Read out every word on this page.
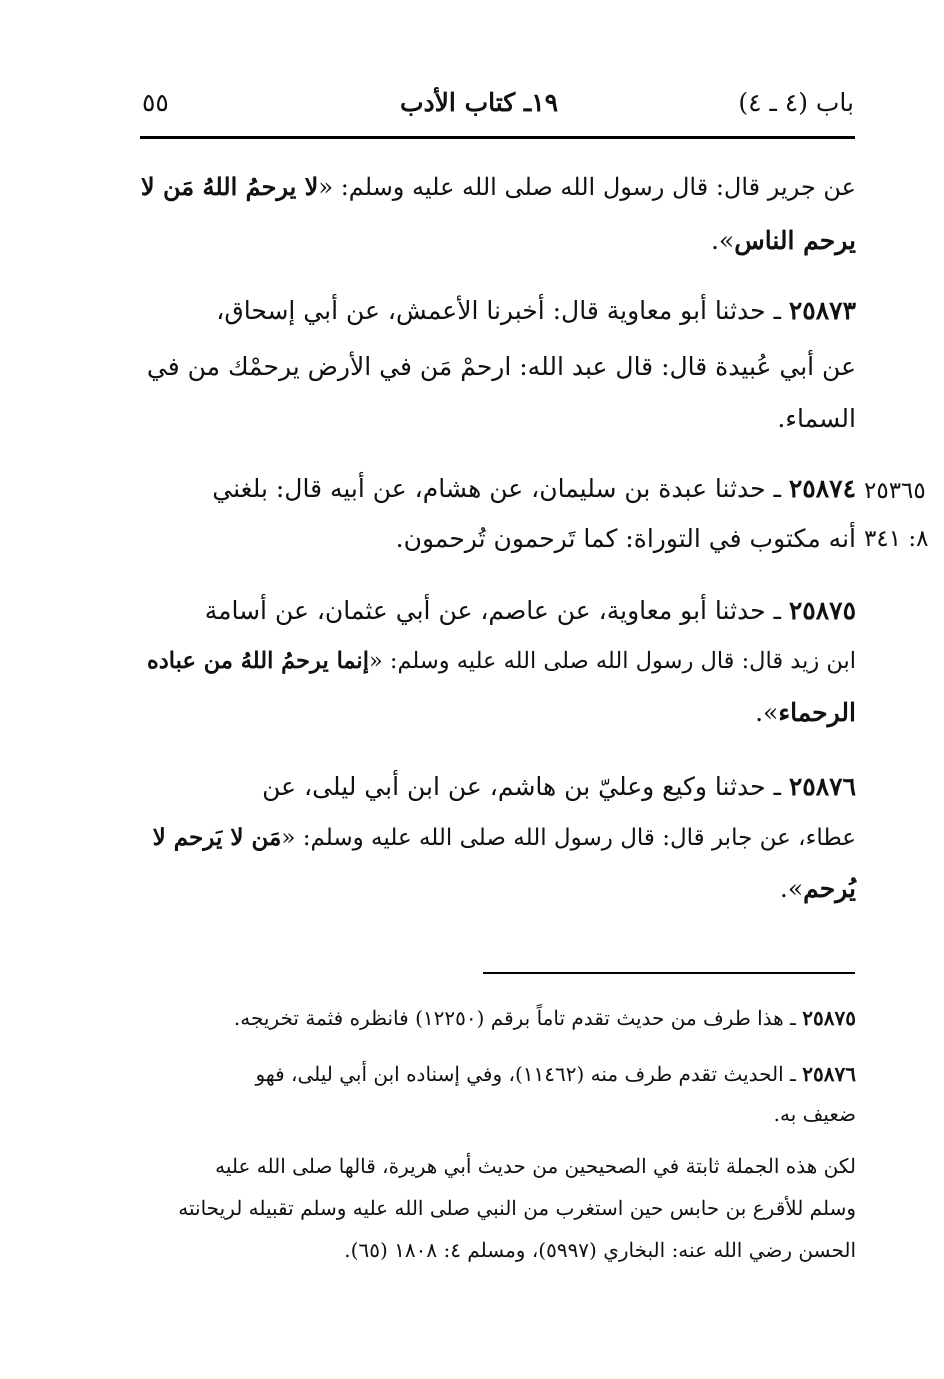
باب (٤ ـ ٤)
١٩ـ كتاب الأدب
٥٥
عن جرير قال: قال رسول الله صلى الله عليه وسلم: «لا يرحمُ اللهُ مَن لا
يرحم الناس».
٢٥٨٧٣ ـ حدثنا أبو معاوية قال: أخبرنا الأعمش، عن أبي إسحاق،
عن أبي عُبيدة قال: قال عبد الله: ارحمْ مَن في الأرض يرحمْك من في
السماء.
٢٥٣٦٥
٨: ٣٤١
٢٥٨٧٤ ـ حدثنا عبدة بن سليمان، عن هشام، عن أبيه قال: بلغني
أنه مكتوب في التوراة: كما تَرحمون تُرحمون.
٢٥٨٧٥ ـ حدثنا أبو معاوية، عن عاصم، عن أبي عثمان، عن أسامة
ابن زيد قال: قال رسول الله صلى الله عليه وسلم: «إنما يرحمُ اللهُ من عباده
الرحماء».
٢٥٨٧٦ ـ حدثنا وكيع وعليّ بن هاشم، عن ابن أبي ليلى، عن
عطاء، عن جابر قال: قال رسول الله صلى الله عليه وسلم: «مَن لا يَرحم لا
يُرحم».
٢٥٨٧٥ ـ هذا طرف من حديث تقدم تاماً برقم (١٢٢٥٠) فانظره فثمة تخريجه.
٢٥٨٧٦ ـ الحديث تقدم طرف منه (١١٤٦٢)، وفي إسناده ابن أبي ليلى، فهو
ضعيف به.
لكن هذه الجملة ثابتة في الصحيحين من حديث أبي هريرة، قالها صلى الله عليه
وسلم للأقرع بن حابس حين استغرب من النبي صلى الله عليه وسلم تقبيله لريحانته
الحسن رضي الله عنه: البخاري (٥٩٩٧)، ومسلم ٤: ١٨٠٨ (٦٥).
